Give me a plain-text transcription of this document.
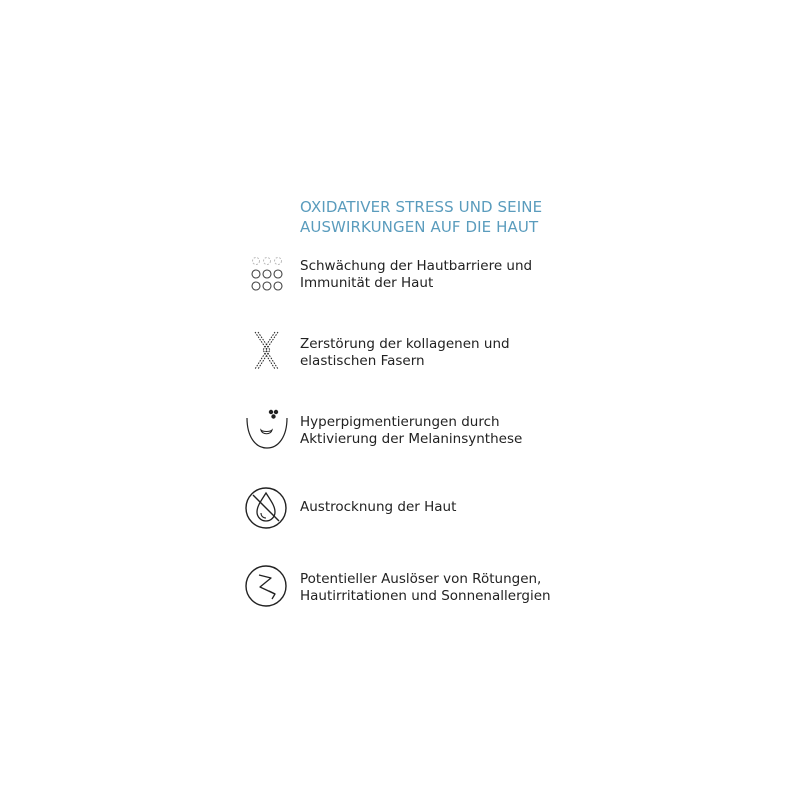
OXIDATIVER STRESS UND SEINE
AUSWIRKUNGEN AUF DIE HAUT
Schwächung der Hautbarriere und
Immunität der Haut
Zerstörung der kollagenen und
elastischen Fasern
Hyperpigmentierungen durch
Aktivierung der Melaninsynthese
Austrocknung der Haut
Potentieller Auslöser von Rötungen,
Hautirritationen und Sonnenallergien
